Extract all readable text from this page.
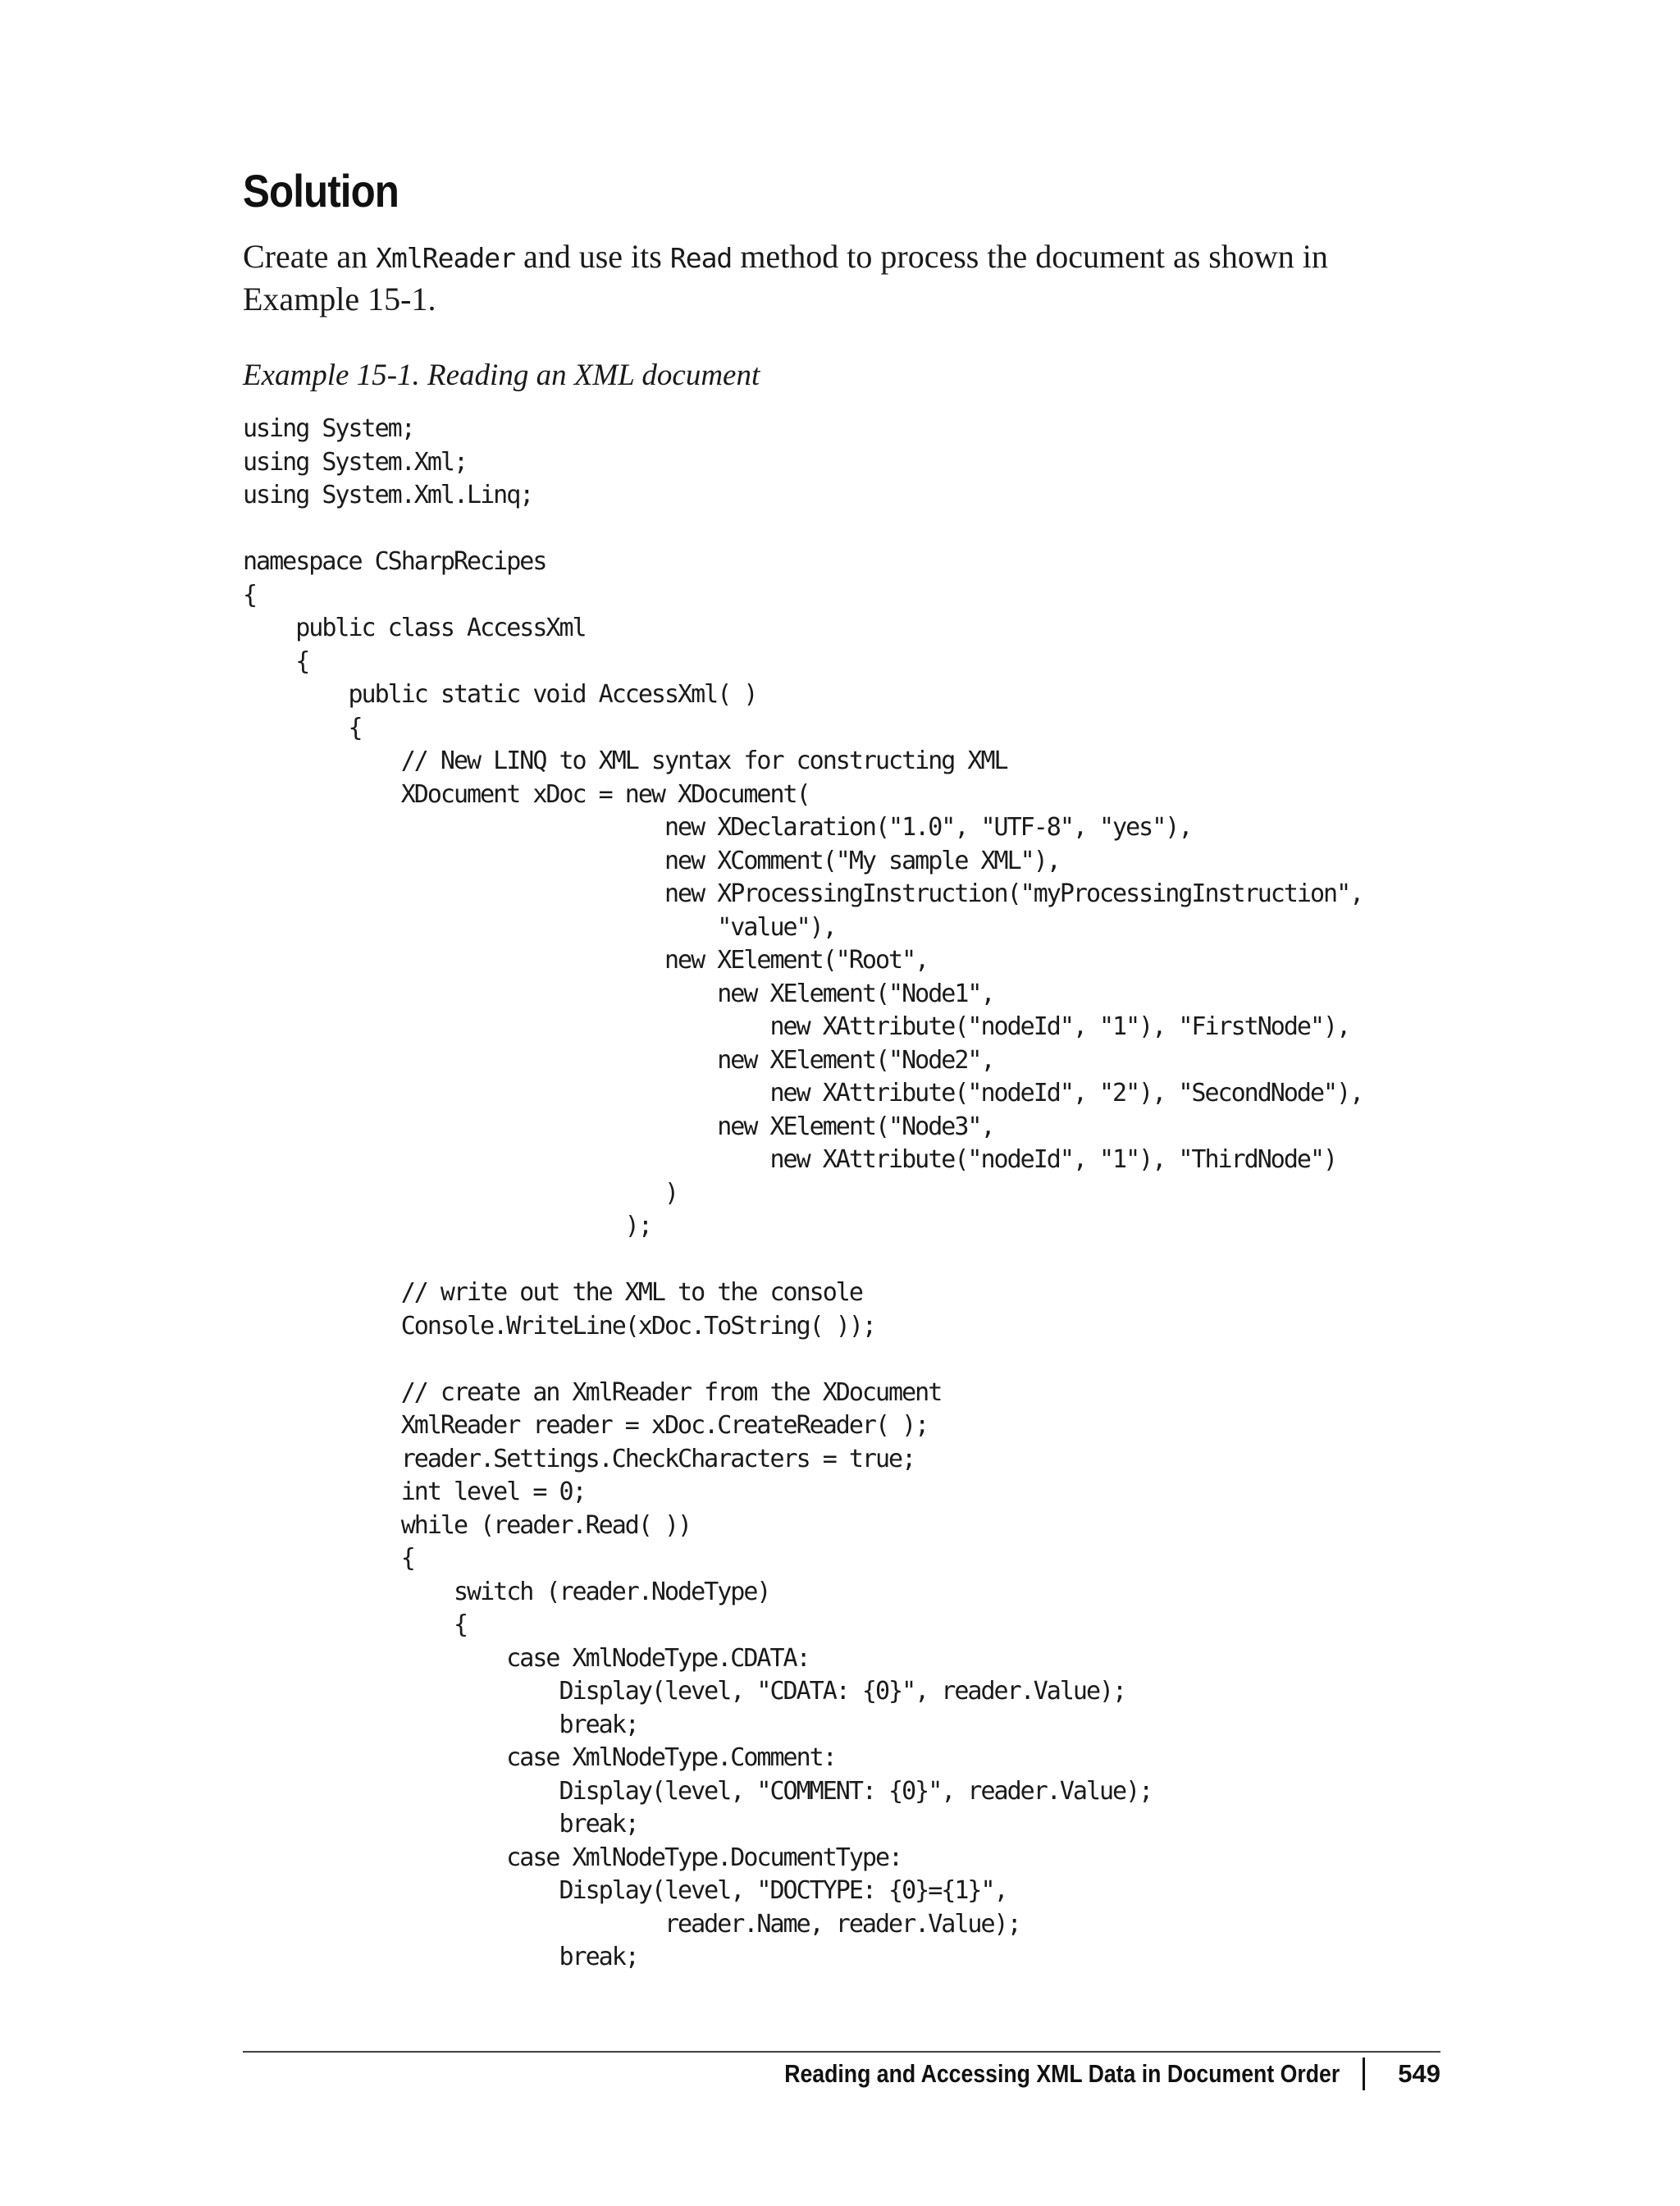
Solution

Create an XmlReader and use its Read method to process the document as shown in Example 15-1.

Example 15-1. Reading an XML document

using System;
using System.Xml;
using System.Xml.Linq;

namespace CSharpRecipes
{
public class AccessXml
{
public static void AccessXml( )
{
// New LINQ to XML syntax for constructing XML
XDocument xDoc = new XDocument(
new XDeclaration("1.0", "UTF-8", "yes"),
new XComment("My sample XML"),
new XProcessingInstruction("myProcessingInstruction",
"value"),
new XElement("Root",
new XElement("Node1",
new XAttribute("nodeId", "1"), "FirstNode"),
new XElement("Node2",
new XAttribute("nodeId", "2"), "SecondNode"),
new XElement("Node3",
new XAttribute("nodeId", "1"), "ThirdNode")
)
);

// write out the XML to the console
Console.WriteLine(xDoc.ToString( ));

// create an XmlReader from the XDocument
XmlReader reader = xDoc.CreateReader( );
reader.Settings.CheckCharacters = true;
int level = 0;
while (reader.Read( ))
{
switch (reader.NodeType)
{
case XmlNodeType.CDATA:
Display(level, "CDATA: {0}", reader.Value);
break;
case XmlNodeType.Comment:
Display(level, "COMMENT: {0}", reader.Value);
break;
case XmlNodeType.DocumentType:
Display(level, "DOCTYPE: {0}={1}",
reader.Name, reader.Value);
break;
Reading and Accessing XML Data in Document Order 549
